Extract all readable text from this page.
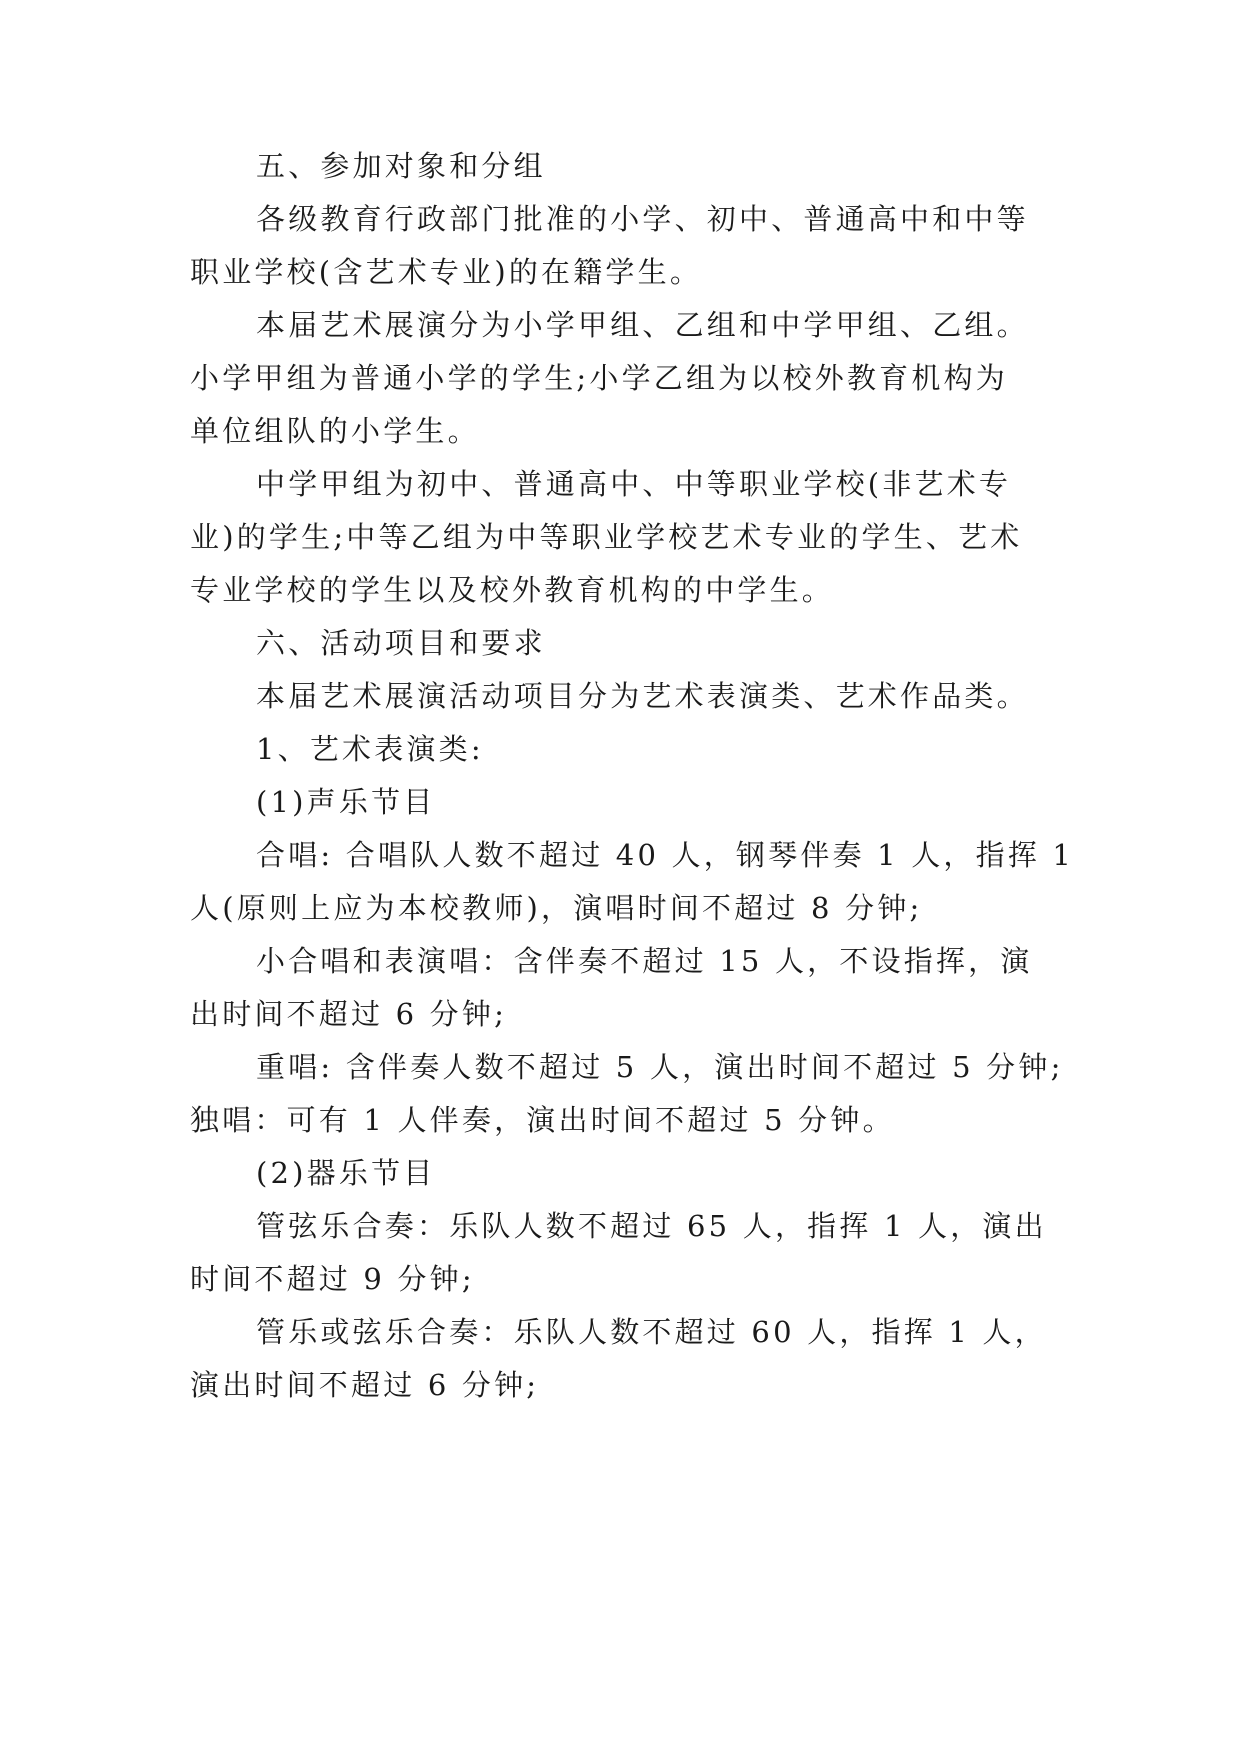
五、参加对象和分组
各级教育行政部门批准的小学、初中、普通高中和中等
职业学校(含艺术专业)的在籍学生。
本届艺术展演分为小学甲组、乙组和中学甲组、乙组。
小学甲组为普通小学的学生;小学乙组为以校外教育机构为
单位组队的小学生。
中学甲组为初中、普通高中、中等职业学校(非艺术专
业)的学生;中等乙组为中等职业学校艺术专业的学生、艺术
专业学校的学生以及校外教育机构的中学生。
六、活动项目和要求
本届艺术展演活动项目分为艺术表演类、艺术作品类。
1、艺术表演类:
(1)声乐节目
合唱: 合唱队人数不超过 40 人，钢琴伴奏 1 人，指挥 1
人(原则上应为本校教师)，演唱时间不超过 8 分钟;
小合唱和表演唱：含伴奏不超过 15 人，不设指挥，演
出时间不超过 6 分钟;
重唱: 含伴奏人数不超过 5 人，演出时间不超过 5 分钟;
独唱：可有 1 人伴奏，演出时间不超过 5 分钟。
(2)器乐节目
管弦乐合奏：乐队人数不超过 65 人，指挥 1 人，演出
时间不超过 9 分钟;
管乐或弦乐合奏：乐队人数不超过 60 人，指挥 1 人，
演出时间不超过 6 分钟;
